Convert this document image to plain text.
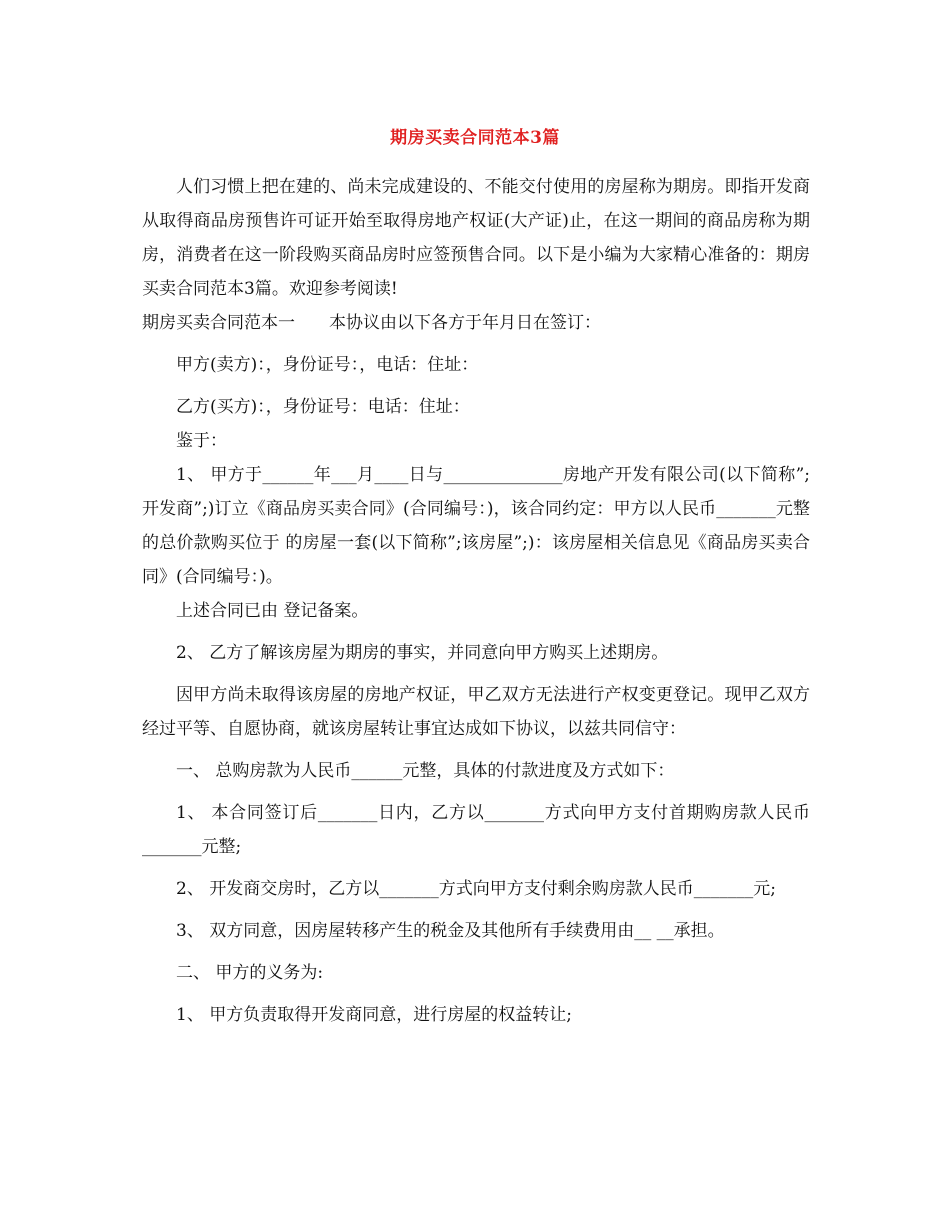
期房买卖合同范本3篇

人们习惯上把在建的、尚未完成建设的、不能交付使用的房屋称为期房。即指开发商从取得商品房预售许可证开始至取得房地产权证(大产证)止，在这一期间的商品房称为期房，消费者在这一阶段购买商品房时应签预售合同。以下是小编为大家精心准备的：期房买卖合同范本3篇。欢迎参考阅读!

期房买卖合同范本一　　本协议由以下各方于年月日在签订：

甲方(卖方)：，身份证号：，电话：住址：

乙方(买方)：，身份证号：电话：住址：

鉴于：

1、 甲方于______年___月____日与______________房地产开发有限公司(以下简称”;开发商”;)订立《商品房买卖合同》(合同编号：)，该合同约定：甲方以人民币_______元整的总价款购买位于 的房屋一套(以下简称”;该房屋”;)：该房屋相关信息见《商品房买卖合同》(合同编号：)。

上述合同已由 登记备案。

2、 乙方了解该房屋为期房的事实，并同意向甲方购买上述期房。

因甲方尚未取得该房屋的房地产权证，甲乙双方无法进行产权变更登记。现甲乙双方经过平等、自愿协商，就该房屋转让事宜达成如下协议，以兹共同信守：

一、 总购房款为人民币______元整，具体的付款进度及方式如下：

1、 本合同签订后_______日内，乙方以_______方式向甲方支付首期购房款人民币_______元整;

2、 开发商交房时，乙方以_______方式向甲方支付剩余购房款人民币_______元;

3、 双方同意，因房屋转移产生的税金及其他所有手续费用由__ __承担。

二、 甲方的义务为:

1、 甲方负责取得开发商同意，进行房屋的权益转让;
